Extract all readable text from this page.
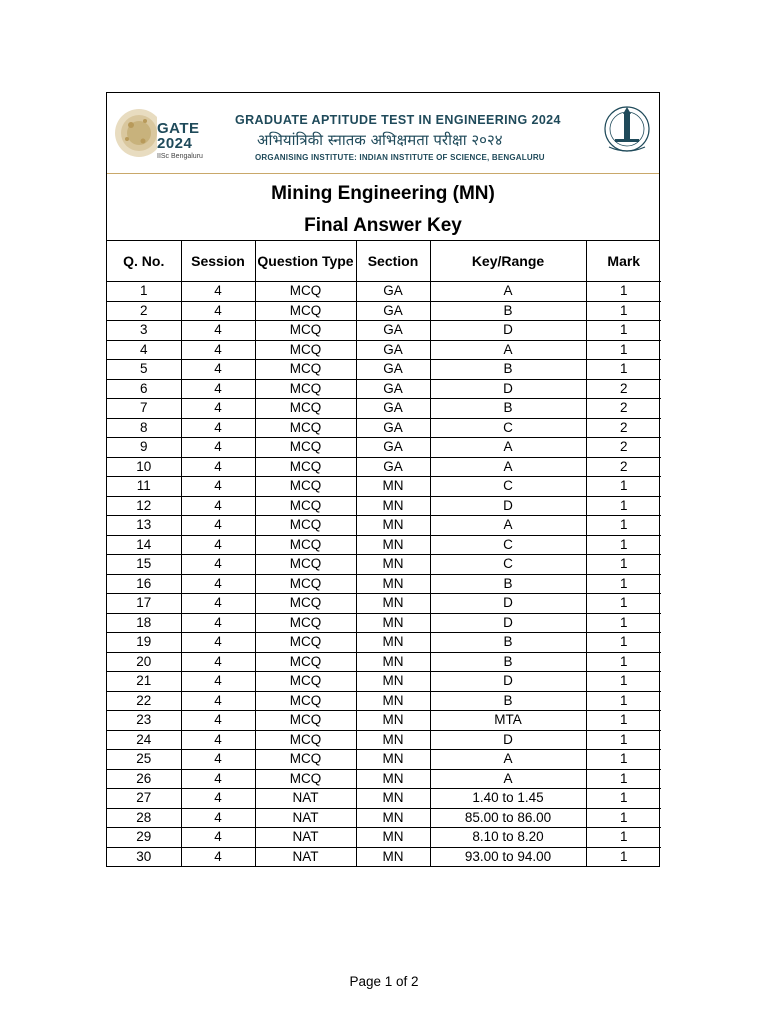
GATE
2024
IISc Bengaluru
GRADUATE APTITUDE TEST IN ENGINEERING 2024
अभियांत्रिकी स्नातक अभिक्षमता परीक्षा २०२४
ORGANISING INSTITUTE: INDIAN INSTITUTE OF SCIENCE, BENGALURU
Mining Engineering (MN)
Final Answer Key
Q. No.	Session	Question Type	Section	Key/Range	Mark
1	4	MCQ	GA	A	1
2	4	MCQ	GA	B	1
3	4	MCQ	GA	D	1
4	4	MCQ	GA	A	1
5	4	MCQ	GA	B	1
6	4	MCQ	GA	D	2
7	4	MCQ	GA	B	2
8	4	MCQ	GA	C	2
9	4	MCQ	GA	A	2
10	4	MCQ	GA	A	2
11	4	MCQ	MN	C	1
12	4	MCQ	MN	D	1
13	4	MCQ	MN	A	1
14	4	MCQ	MN	C	1
15	4	MCQ	MN	C	1
16	4	MCQ	MN	B	1
17	4	MCQ	MN	D	1
18	4	MCQ	MN	D	1
19	4	MCQ	MN	B	1
20	4	MCQ	MN	B	1
21	4	MCQ	MN	D	1
22	4	MCQ	MN	B	1
23	4	MCQ	MN	MTA	1
24	4	MCQ	MN	D	1
25	4	MCQ	MN	A	1
26	4	MCQ	MN	A	1
27	4	NAT	MN	1.40 to 1.45	1
28	4	NAT	MN	85.00 to 86.00	1
29	4	NAT	MN	8.10 to 8.20	1
30	4	NAT	MN	93.00 to 94.00	1
Page 1 of 2
